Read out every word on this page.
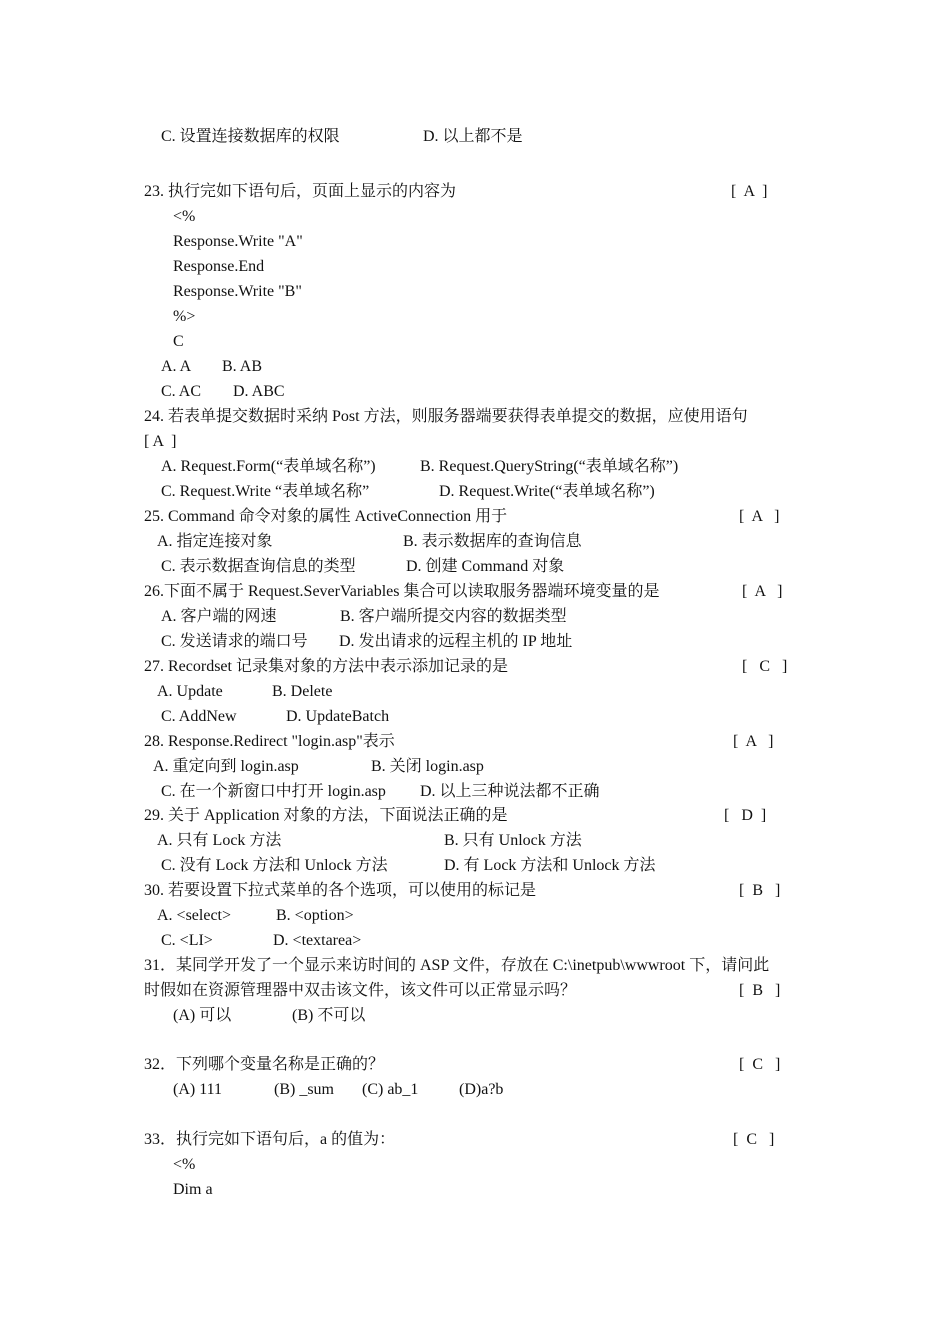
C. 设置连接数据库的权限	D. 以上都不是
23. 执行完如下语句后，页面上显示的内容为	[  A  ]
<%
Response.Write "A"
Response.End
Response.Write "B"
%>
C
A. A B. AB
C. AC D. ABC
24. 若表单提交数据时采纳 Post 方法，则服务器端要获得表单提交的数据，应使用语句
[ A  ]
A. Request.Form(“表单域名称”)	B. Request.QueryString(“表单域名称”)
C. Request.Write “表单域名称”	D. Request.Write(“表单域名称”)
25. Command 命令对象的属性 ActiveConnection 用于	[  A   ]
A. 指定连接对象	B. 表示数据库的查询信息
C. 表示数据查询信息的类型	D. 创建 Command 对象
26.下面不属于 Request.SeverVariables 集合可以读取服务器端环境变量的是	[  A   ]
A. 客户端的网速	B. 客户端所提交内容的数据类型
C. 发送请求的端口号 D. 发出请求的远程主机的 IP 地址
27. Recordset 记录集对象的方法中表示添加记录的是	[   C   ]
A. Update	B. Delete
C. AddNew	D. UpdateBatch
28. Response.Redirect "login.asp"表示	[  A   ]
A. 重定向到 login.asp	B. 关闭 login.asp
C. 在一个新窗口中打开 login.asp D. 以上三种说法都不正确
29. 关于 Application 对象的方法，下面说法正确的是	[   D  ]
A. 只有 Lock 方法	B. 只有 Unlock 方法
C. 没有 Lock 方法和 Unlock 方法	D. 有 Lock 方法和 Unlock 方法
30. 若要设置下拉式菜单的各个选项，可以使用的标记是	[  B   ]
A. <select>	B. <option>
C. <LI>	D. <textarea>
31．某同学开发了一个显示来访时间的 ASP 文件，存放在 C:\inetpub\wwwroot 下，请问此
时假如在资源管理器中双击该文件，该文件可以正常显示吗？	[  B   ]
(A) 可以	(B) 不可以
32．下列哪个变量名称是正确的？	[  C   ]
(A) 111	(B) _sum (C) ab_1	(D)a?b
33．执行完如下语句后，a 的值为：	[  C   ]
<%
Dim a
